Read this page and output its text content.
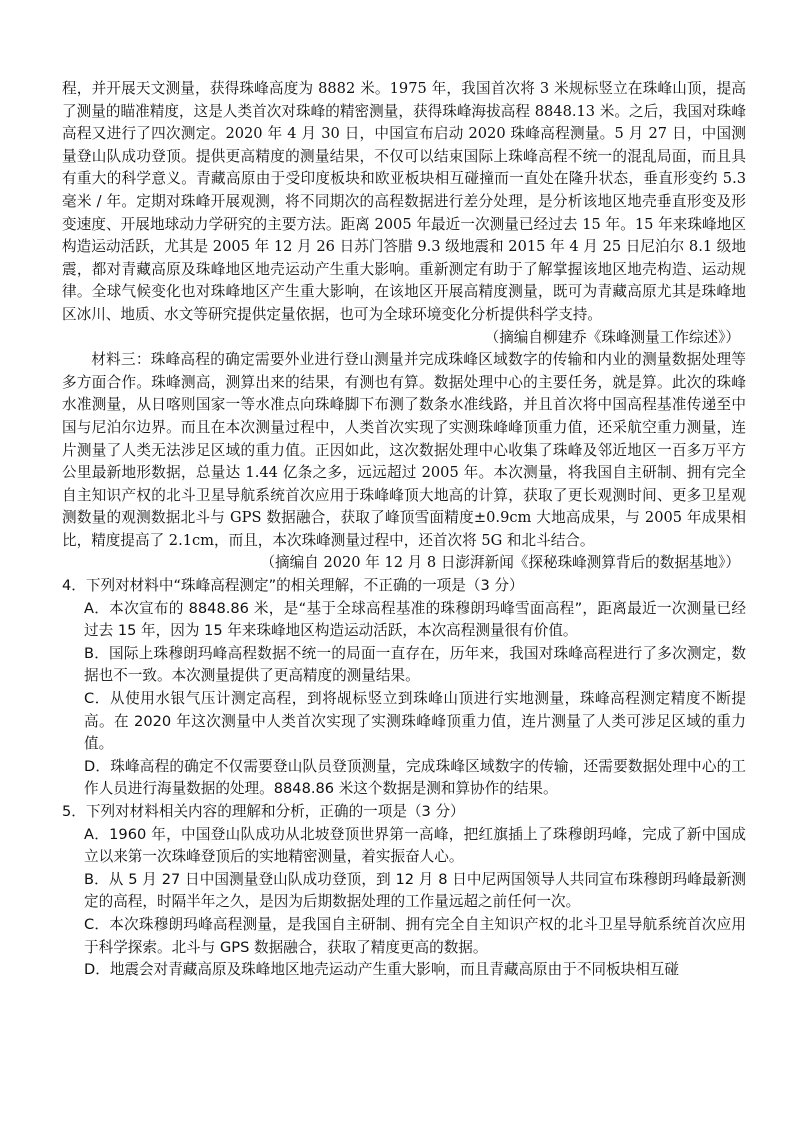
程，并开展天文测量，获得珠峰高度为 8882 米。1975 年，我国首次将 3 米规标竖立在珠峰山顶，提高了测量的瞄准精度，这是人类首次对珠峰的精密测量，获得珠峰海拔高程 8848.13 米。之后，我国对珠峰高程又进行了四次测定。2020 年 4 月 30 日，中国宣布启动 2020 珠峰高程测量。5 月 27 日，中国测量登山队成功登顶。提供更高精度的测量结果，不仅可以结束国际上珠峰高程不统一的混乱局面，而且具有重大的科学意义。青藏高原由于受印度板块和欧亚板块相互碰撞而一直处在隆升状态，垂直形变约 5.3 毫米 / 年。定期对珠峰开展观测，将不同期次的高程数据进行差分处理，是分析该地区地壳垂直形变及形变速度、开展地球动力学研究的主要方法。距离 2005 年最近一次测量已经过去 15 年。15 年来珠峰地区构造运动活跃，尤其是 2005 年 12 月 26 日苏门答腊 9.3 级地震和 2015 年 4 月 25 日尼泊尔 8.1 级地震，都对青藏高原及珠峰地区地壳运动产生重大影响。重新测定有助于了解掌握该地区地壳构造、运动规律。全球气候变化也对珠峰地区产生重大影响，在该地区开展高精度测量，既可为青藏高原尤其是珠峰地区冰川、地质、水文等研究提供定量依据，也可为全球环境变化分析提供科学支持。

（摘编自柳建乔《珠峰测量工作综述》）

材料三：珠峰高程的确定需要外业进行登山测量并完成珠峰区域数字的传输和内业的测量数据处理等多方面合作。珠峰测高，测算出来的结果，有测也有算。数据处理中心的主要任务，就是算。此次的珠峰水准测量，从日喀则国家一等水准点向珠峰脚下布测了数条水准线路，并且首次将中国高程基准传递至中国与尼泊尔边界。而且在本次测量过程中，人类首次实现了实测珠峰峰顶重力值，还采航空重力测量，连片测量了人类无法涉足区域的重力值。正因如此，这次数据处理中心收集了珠峰及邻近地区一百多万平方公里最新地形数据，总量达 1.44 亿条之多，远远超过 2005 年。本次测量，将我国自主研制、拥有完全自主知识产权的北斗卫星导航系统首次应用于珠峰峰顶大地高的计算，获取了更长观测时间、更多卫星观测数量的观测数据北斗与 GPS 数据融合，获取了峰顶雪面精度±0.9cm 大地高成果，与 2005 年成果相比，精度提高了 2.1cm，而且，本次珠峰测量过程中，还首次将 5G 和北斗结合。

（摘编自 2020 年 12 月 8 日澎湃新闻《探秘珠峰测算背后的数据基地》）

4．下列对材料中“珠峰高程测定”的相关理解，不正确的一项是（3 分）

A．本次宣布的 8848.86 米，是“基于全球高程基准的珠穆朗玛峰雪面高程”，距离最近一次测量已经过去 15 年，因为 15 年来珠峰地区构造运动活跃，本次高程测量很有价值。

B．国际上珠穆朗玛峰高程数据不统一的局面一直存在，历年来，我国对珠峰高程进行了多次测定，数据也不一致。本次测量提供了更高精度的测量结果。

C．从使用水银气压计测定高程，到将觇标竖立到珠峰山顶进行实地测量，珠峰高程测定精度不断提高。在 2020 年这次测量中人类首次实现了实测珠峰峰顶重力值，连片测量了人类可涉足区域的重力值。

D．珠峰高程的确定不仅需要登山队员登顶测量，完成珠峰区域数字的传输，还需要数据处理中心的工作人员进行海量数据的处理。8848.86 米这个数据是测和算协作的结果。

5．下列对材料相关内容的理解和分析，正确的一项是（3 分）

A．1960 年，中国登山队成功从北坡登顶世界第一高峰，把红旗插上了珠穆朗玛峰，完成了新中国成立以来第一次珠峰登顶后的实地精密测量，着实振奋人心。

B．从 5 月 27 日中国测量登山队成功登顶，到 12 月 8 日中尼两国领导人共同宣布珠穆朗玛峰最新测定的高程，时隔半年之久，是因为后期数据处理的工作量远超之前任何一次。

C．本次珠穆朗玛峰高程测量，是我国自主研制、拥有完全自主知识产权的北斗卫星导航系统首次应用于科学探索。北斗与 GPS 数据融合，获取了精度更高的数据。

D．地震会对青藏高原及珠峰地区地壳运动产生重大影响，而且青藏高原由于不同板块相互碰
